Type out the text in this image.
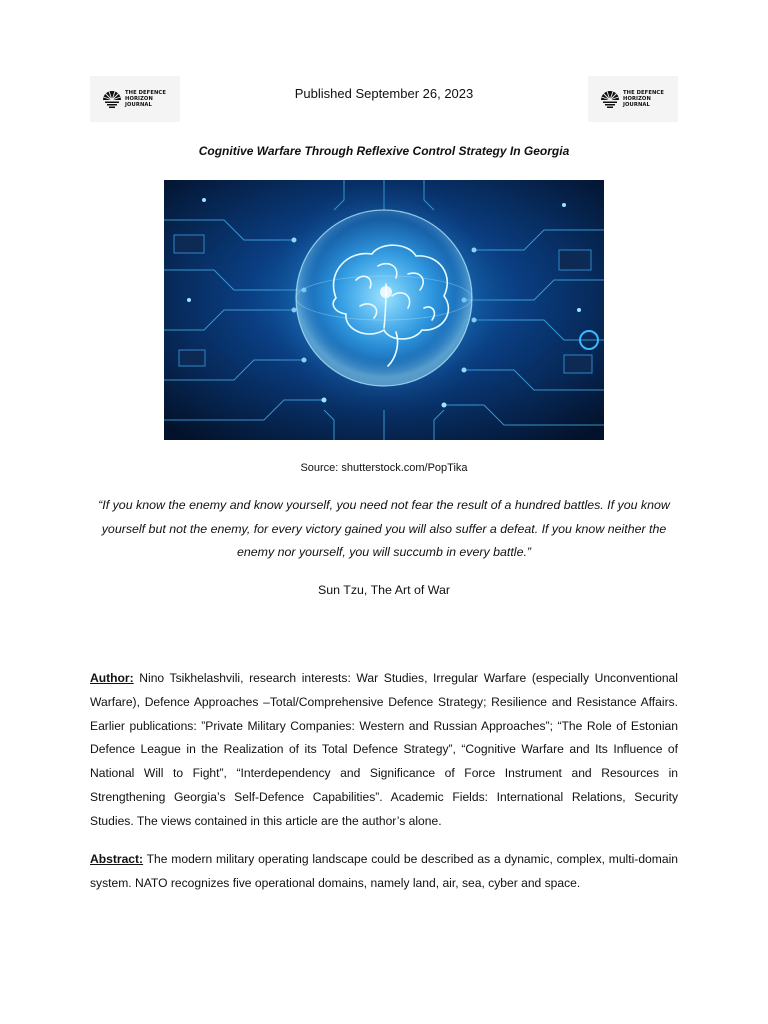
THE DEFENCE
HORIZON
JOURNAL
Published September 26, 2023	THE DEFENCE
HORIZON
JOURNAL
Cognitive Warfare Through Reflexive Control Strategy In Georgia
Source: shutterstock.com/PopTika
“If you know the enemy and know yourself, you need not fear the result of a hundred battles. If you know yourself but not the enemy, for every victory gained you will also suffer a defeat. If you know neither the enemy nor yourself, you will succumb in every battle.”
Sun Tzu, The Art of War

Author: Nino Tsikhelashvili, research interests: War Studies, Irregular Warfare (especially Unconventional Warfare), Defence Approaches –Total/Comprehensive Defence Strategy; Resilience and Resistance Affairs. Earlier publications: ”Private Military Companies: Western and Russian Approaches”; “The Role of Estonian Defence League in the Realization of its Total Defence Strategy”, “Cognitive Warfare and Its Influence of National Will to Fight”, “Interdependency and Significance of Force Instrument and Resources in Strengthening Georgia’s Self-Defence Capabilities”. Academic Fields: International Relations, Security Studies. The views contained in this article are the author’s alone.

Abstract: The modern military operating landscape could be described as a dynamic, complex, multi-domain system. NATO recognizes five operational domains, namely land, air, sea, cyber and space.
